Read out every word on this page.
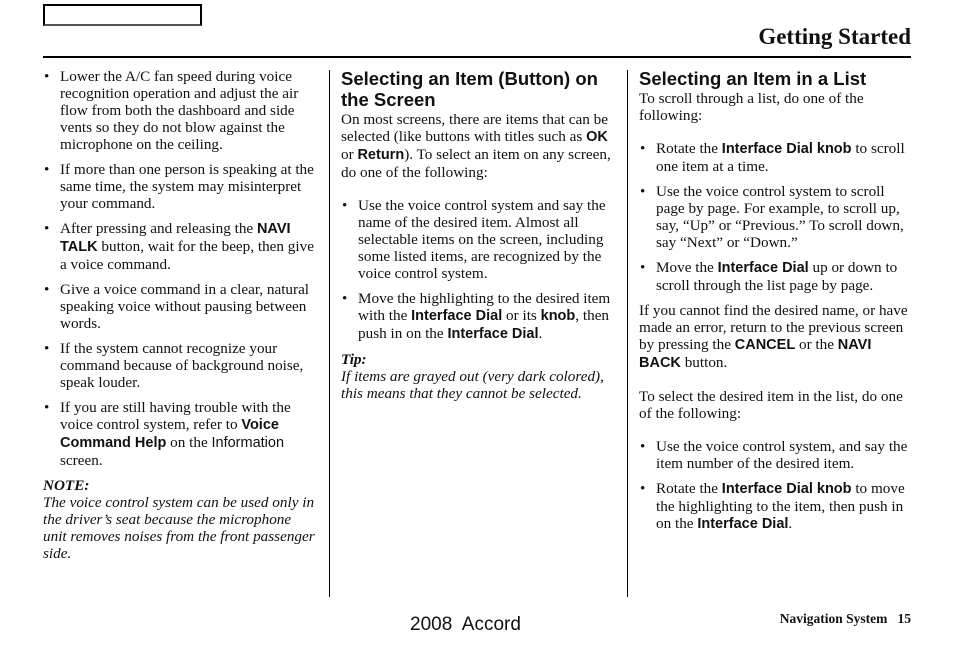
Getting Started
• Lower the A/C fan speed during voice recognition operation and adjust the air flow from both the dashboard and side vents so they do not blow against the microphone on the ceiling.
• If more than one person is speaking at the same time, the system may misinterpret your command.
• After pressing and releasing the NAVI TALK button, wait for the beep, then give a voice command.
• Give a voice command in a clear, natural speaking voice without pausing between words.
• If the system cannot recognize your command because of background noise, speak louder.
• If you are still having trouble with the voice control system, refer to Voice Command Help on the Information screen.

NOTE:

The voice control system can be used only in the driver’s seat because the microphone unit removes noises from the front passenger side.

Selecting an Item (Button) on the Screen

On most screens, there are items that can be selected (like buttons with titles such as OK or Return). To select an item on any screen, do one of the following:

• Use the voice control system and say the name of the desired item. Almost all selectable items on the screen, including some listed items, are recognized by the voice control system.
• Move the highlighting to the desired item with the Interface Dial or its knob, then push in on the Interface Dial.

Tip:

If items are grayed out (very dark colored), this means that they cannot be selected.

Selecting an Item in a List

To scroll through a list, do one of the following:

• Rotate the Interface Dial knob to scroll one item at a time.
• Use the voice control system to scroll page by page. For example, to scroll up, say, “Up” or “Previous.” To scroll down, say “Next” or “Down.”
• Move the Interface Dial up or down to scroll through the list page by page.

If you cannot find the desired name, or have made an error, return to the previous screen by pressing the CANCEL or the NAVI BACK button.

To select the desired item in the list, do one of the following:

• Use the voice control system, and say the item number of the desired item.
• Rotate the Interface Dial knob to move the highlighting to the item, then push in on the Interface Dial.
Navigation System 15
2008  Accord
